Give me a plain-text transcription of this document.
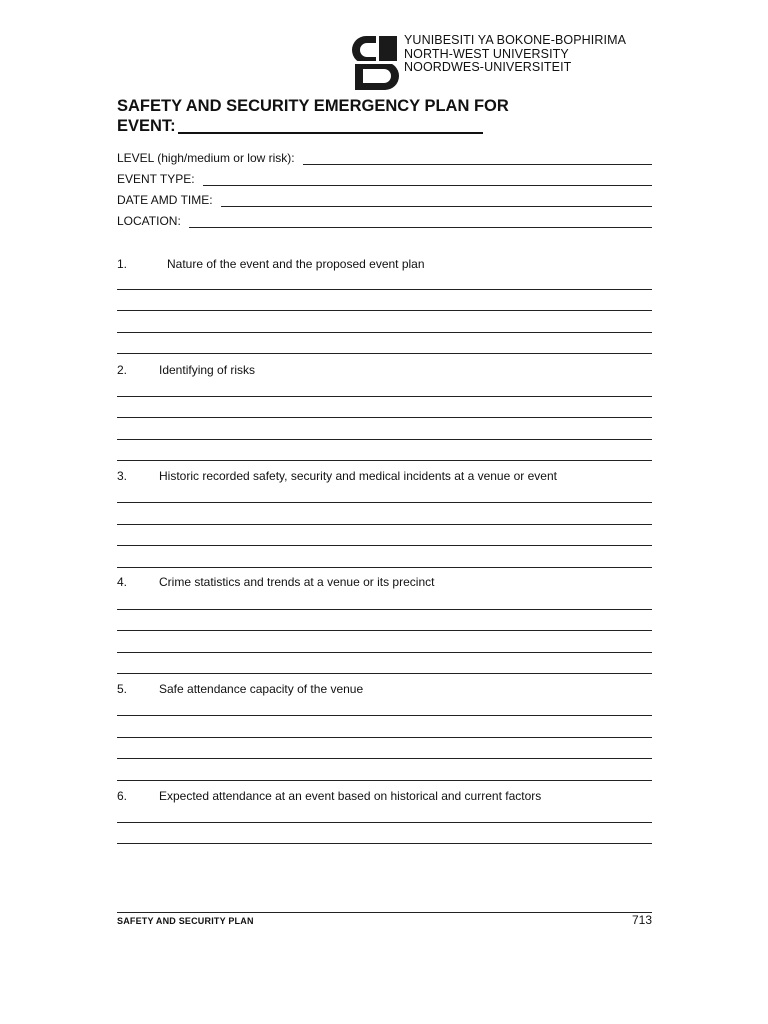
YUNIBESITI YA BOKONE-BOPHIRIMA
NORTH-WEST UNIVERSITY
NOORDWES-UNIVERSITEIT
SAFETY AND SECURITY EMERGENCY PLAN FOR
EVENT:
LEVEL (high/medium or low risk):
EVENT TYPE:
DATE AMD TIME:
LOCATION:
1.	Nature of the event and the proposed event plan
2.	Identifying of risks
3.	Historic recorded safety, security and medical incidents at a venue or event
4.	Crime statistics and trends at a venue or its precinct
5.	Safe attendance capacity of the venue
6.	Expected attendance at an event based on historical and current factors
SAFETY AND SECURITY PLAN	713
